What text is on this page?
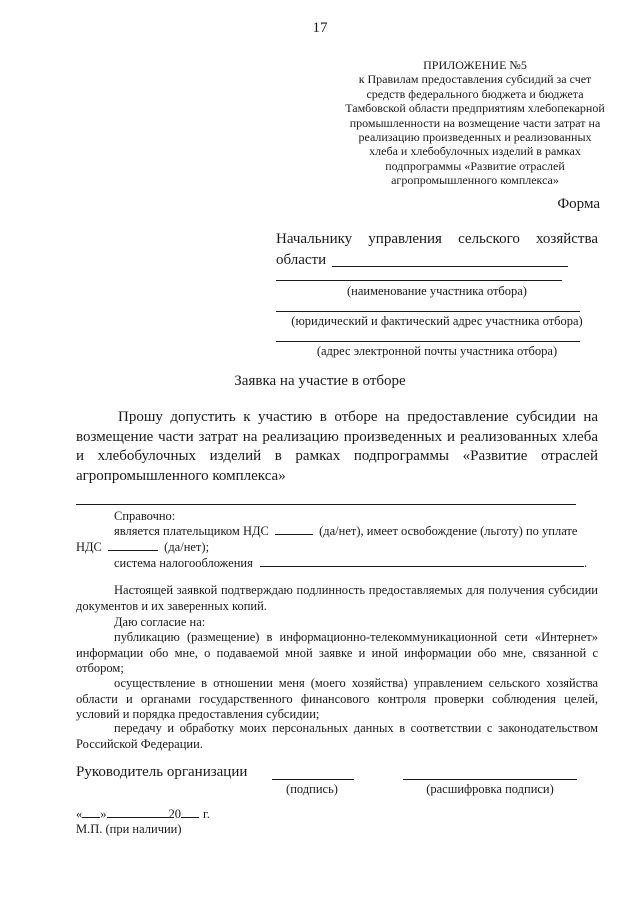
17
ПРИЛОЖЕНИЕ №5
к Правилам предоставления субсидий за счет
средств федерального бюджета и бюджета
Тамбовской области предприятиям хлебопекарной
промышленности на возмещение части затрат на
реализацию произведенных и реализованных
хлеба и хлебобулочных изделий в рамках
подпрограммы «Развитие отраслей
агропромышленного комплекса»
Форма
Начальнику управления сельского хозяйства
области
(наименование участника отбора)
(юридический и фактический адрес участника отбора)
(адрес электронной почты участника отбора)
Заявка на участие в отборе
Прошу допустить к участию в отборе на предоставление субсидии на возмещение части затрат на реализацию произведенных и реализованных хлеба и хлебобулочных изделий в рамках подпрограммы «Развитие отраслей агропромышленного комплекса»
Справочно:
является плательщиком НДС	(да/нет), имеет освобождение (льготу) по уплате
НДС	(да/нет);
система налогообложения	.
Настоящей заявкой подтверждаю подлинность предоставляемых для получения субсидии документов и их заверенных копий.
Даю согласие на:
публикацию (размещение) в информационно-телекоммуникационной сети «Интернет» информации обо мне, о подаваемой мной заявке и иной информации обо мне, связанной с отбором;
осуществление в отношении меня (моего хозяйства) управлением сельского хозяйства области и органами государственного финансового контроля проверки соблюдения целей, условий и порядка предоставления субсидии;
передачу и обработку моих персональных данных в соответствии с законодательством Российской Федерации.
Руководитель организации
(подпись)	(расшифровка подписи)
« »	20 г.
М.П. (при наличии)
